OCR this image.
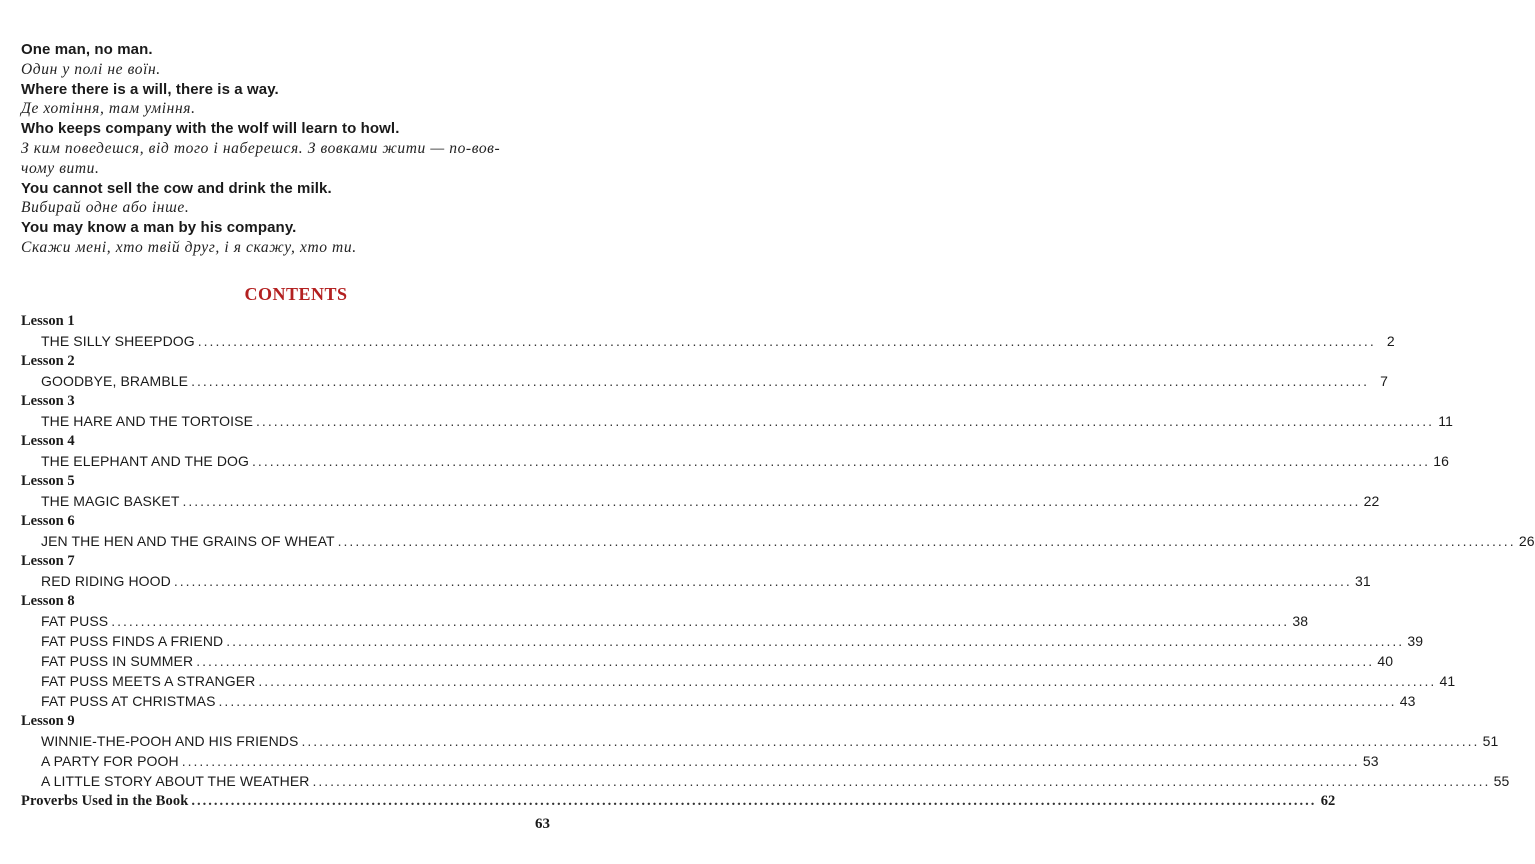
One man, no man.
Один у полі не воїн.
Where there is a will, there is a way.
Де хотіння, там уміння.
Who keeps company with the wolf will learn to howl.
З ким поведешся, від того і наберешся. З вовками жити — по-вов-
чому вити.
You cannot sell the cow and drink the milk.
Вибирай одне або інше.
You may know a man by his company.
Скажи мені, хто твій друг, і я скажу, хто ти.
CONTENTS
Lesson 1
THE SILLY SHEEPDOG ........................................................................................................................................................................................................ 2
Lesson 2
GOODBYE, BRAMBLE ........................................................................................................................................................................................................ 7
Lesson 3
THE HARE AND THE TORTOISE ........................................................................................................................................................................................................ 11
Lesson 4
THE ELEPHANT AND THE DOG ........................................................................................................................................................................................................ 16
Lesson 5
THE MAGIC BASKET ........................................................................................................................................................................................................ 22
Lesson 6
JEN THE HEN AND THE GRAINS OF WHEAT ........................................................................................................................................................................................................ 26
Lesson 7
RED RIDING HOOD ........................................................................................................................................................................................................ 31
Lesson 8
FAT PUSS ........................................................................................................................................................................................................ 38
FAT PUSS FINDS A FRIEND ........................................................................................................................................................................................................ 39
FAT PUSS IN SUMMER ........................................................................................................................................................................................................ 40
FAT PUSS MEETS A STRANGER ........................................................................................................................................................................................................ 41
FAT PUSS AT CHRISTMAS ........................................................................................................................................................................................................ 43
Lesson 9
WINNIE-THE-POOH AND HIS FRIENDS ........................................................................................................................................................................................................ 51
A PARTY FOR POOH ........................................................................................................................................................................................................ 53
A LITTLE STORY ABOUT THE WEATHER ........................................................................................................................................................................................................ 55
Proverbs Used in the Book ........................................................................................................................................................................................................ 62
63
